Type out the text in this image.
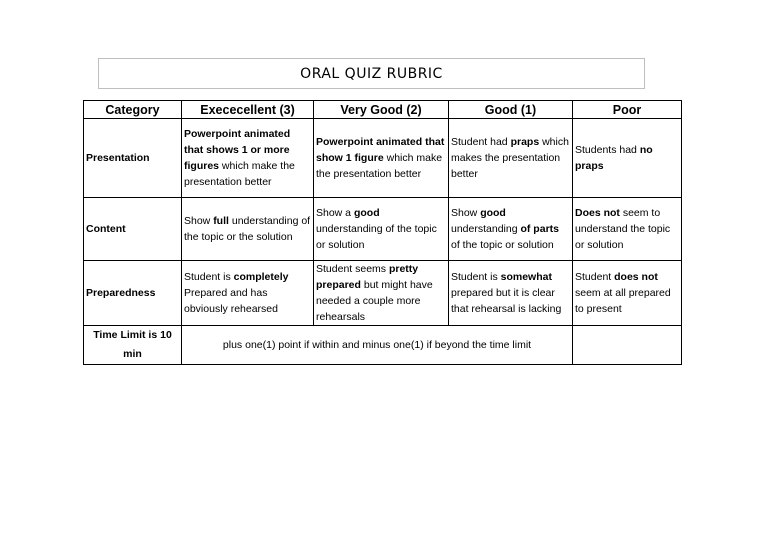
ORAL QUIZ RUBRIC
Category	Exececellent (3)	Very Good (2)	Good (1)	Poor
Presentation	Powerpoint animated that shows 1 or more figures which make the presentation better	Powerpoint animated that show 1 figure which make the presentation better	Student had praps which makes the presentation better	Students had no praps
Content	Show full understanding of the topic or the solution	Show a good understanding of the topic or solution	Show good understanding of parts of the topic or solution	Does not seem to understand the topic or solution
Preparedness	Student is completely Prepared and has obviously rehearsed	Student seems pretty prepared but might have needed a couple more rehearsals	Student is somewhat prepared but it is clear that rehearsal is lacking	Student does not seem at all prepared to present
Time Limit is 10 min	plus one(1) point if within and minus one(1) if beyond the time limit			
